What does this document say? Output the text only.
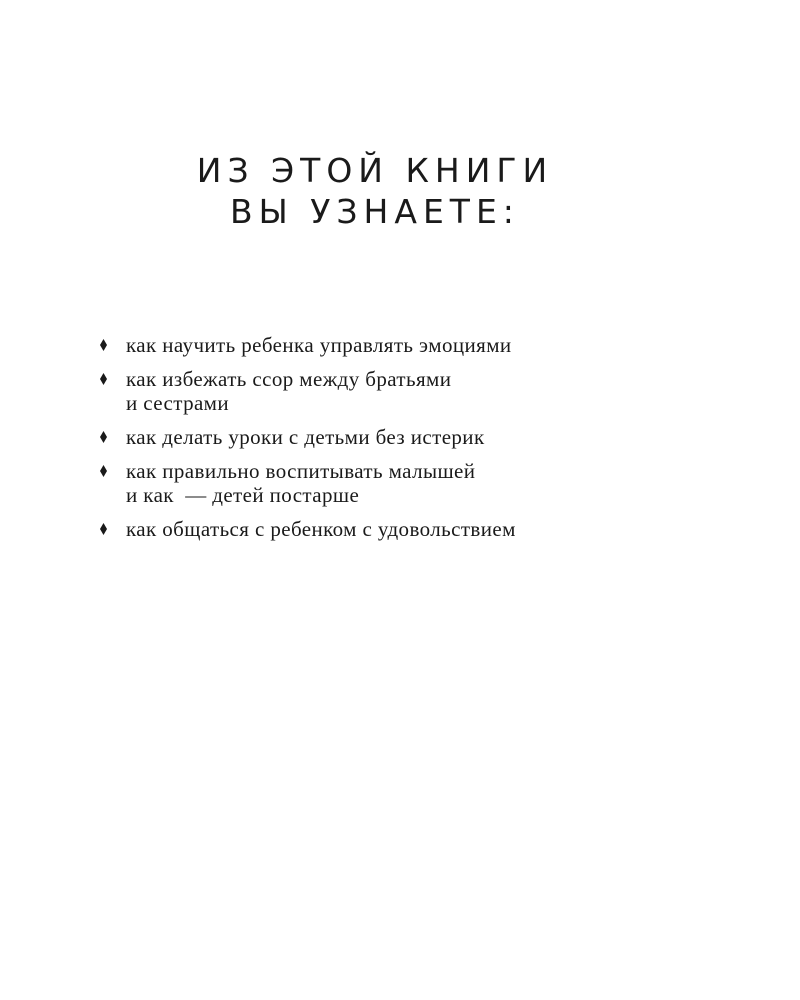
ИЗ ЭТОЙ КНИГИ
ВЫ УЗНАЕТЕ:
как научить ребенка управлять эмоциями
как избежать ссор между братьями
и сестрами
как делать уроки с детьми без истерик
как правильно воспитывать малышей
и как  — детей постарше
как общаться с ребенком с удовольствием
